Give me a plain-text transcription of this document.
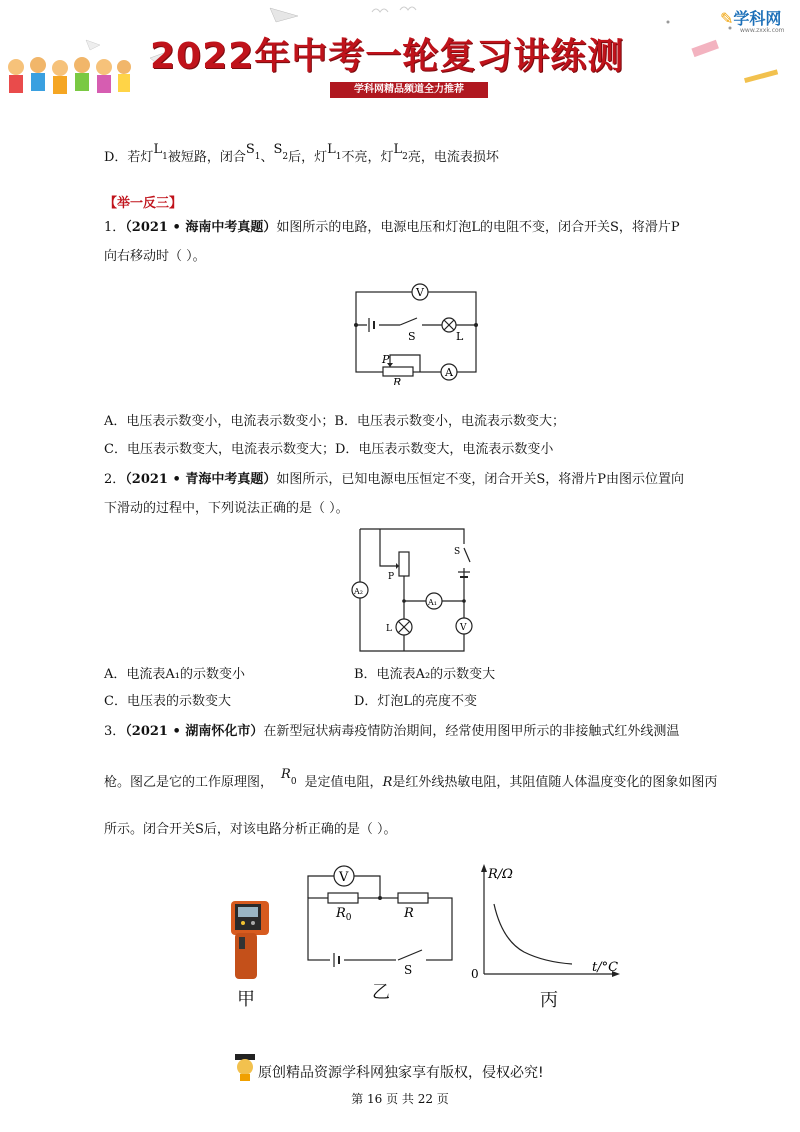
2022年中考一轮复习讲练测
学科网精品频道全力推荐
✎学科网
www.zxxk.com
D．若灯$L_1$被短路，闭合$S_1$、$S_2$后，灯$L_1$不亮，灯$L_2$亮，电流表损坏
【举一反三】
1．（2021 • 海南中考真题）如图所示的电路，电源电压和灯泡L的电阻不变，闭合开关S，将滑片P
向右移动时（ ）。
V
S	L
P
R
A
A．电压表示数变小，电流表示数变小；B．电压表示数变小，电流表示数变大；
C．电压表示数变大，电流表示数变大；D．电压表示数变大，电流表示数变小
2．（2021 • 青海中考真题）如图所示，已知电源电压恒定不变，闭合开关S，将滑片P由图示位置向
下滑动的过程中，下列说法正确的是（ ）。
P
A₂
S
A₁
L	V
A．电流表A₁的示数变小	B．电流表A₂的示数变大
C．电压表的示数变大	D．灯泡L的亮度不变
3．（2021 • 湖南怀化市）在新型冠状病毒疫情防治期间，经常使用图甲所示的非接触式红外线测温
枪。图乙是它的工作原理图，$R_0$ 是定值电阻，R是红外线热敏电阻，其阻值随人体温度变化的图象如图丙
所示。闭合开关S后，对该电路分析正确的是（ ）。
甲
V
$R_0$	R
S
乙
R/Ω
t/°C
0
丙
原创精品资源学科网独家享有版权，侵权必究!
第 16 页 共 22 页
